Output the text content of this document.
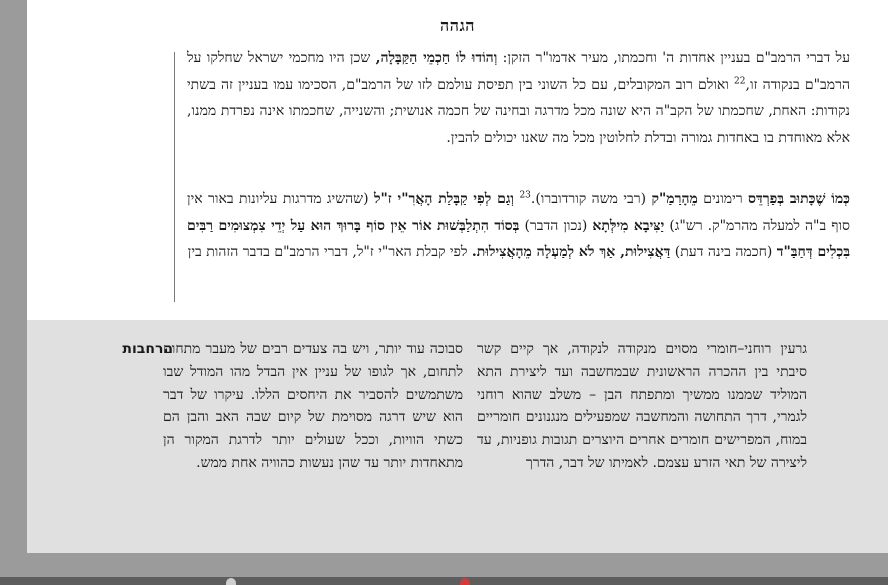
הגהה

על דברי הרמב"ם בעניין אחדות ה' וחכמתו, מעיר אדמו"ר הזקן: וְהוֹדוּ לוֹ חַכְמֵי הַקַּבָּלָה, שכן היו מחכמי ישראל שחלקו על הרמב"ם בנקודה זו,$^{22}$ ואולם רוב המקובלים, עם כל השוני בין תפיסת עולמם לזו של הרמב"ם, הסכימו עמו בעניין זה בשתי נקודות: האחת, שחכמתו של הקב"ה היא שונה מכל מדרגה ובחינה של חכמה אנושית; והשנייה, שחכמתו אינה נפרדת ממנו, אלא מאוחדת בו באחדות גמורה ובדלת לחלוטין מכל מה שאנו יכולים להבין.

כְּמוֹ שֶׁכָּתוּב בְּפַרְדֵּס רימונים מֵהָרַמַ"ק (רבי משה קורדוברו).$^{23}$ וְגַם לְפִי קַבָּלַת הָאֲרִ"י ז"ל (שהשיג מדרגות עליונות באור אין סוף ב"ה למעלה מהרמ"ק. רש"ג) יַצִּיבָא מִילְּתָא (נכון הדבר) בְּסוֹד הִתְלַבְּשׁוּת אוֹר אֵין סוֹף בָּרוּךְ הוּא עַל יְדֵי צִמְצוּמִים רַבִּים בִּכְלִים דְּחַבַּ"ד (חכמה בינה דעת) דַּאֲצִילוּת, אַךְ לֹא לְמַעְלָה מֵהָאֲצִילוּת. לפי קבלת האר"י ז"ל, דברי הרמב"ם בדבר הזהות בין

גרעין רוחני–חומרי מסוים מנקודה לנקודה, אך קיים קשר סיבתי בין ההכרה הראשונית שבמחשבה ועד ליצירת התא המוליד שממנו ממשיך ומתפתח הבן – משלב שהוא רוחני לגמרי, דרך התחושה והמחשבה שמפעילים מנגנונים חומריים במוח, המפרישים חומרים אחרים היוצרים תגובות גופניות, עד ליצירה של תאי הזרע עצמם. לאמיתו של דבר, הדרך

סבוכה עוד יותר, ויש בה צעדים רבים של מעבר מתחום לתחום, אך לגופו של עניין אין הבדל מהו המודל שבו משתמשים להסביר את היחסים הללו. עיקרו של דבר הוא שיש דרגה מסוימת של קיום שבה האב והבן הם כשתי הוויות, וככל שעולים יותר לדרגת המקור הן מתאחדות יותר עד שהן נעשות כהוויה אחת ממש.

הרחבות
